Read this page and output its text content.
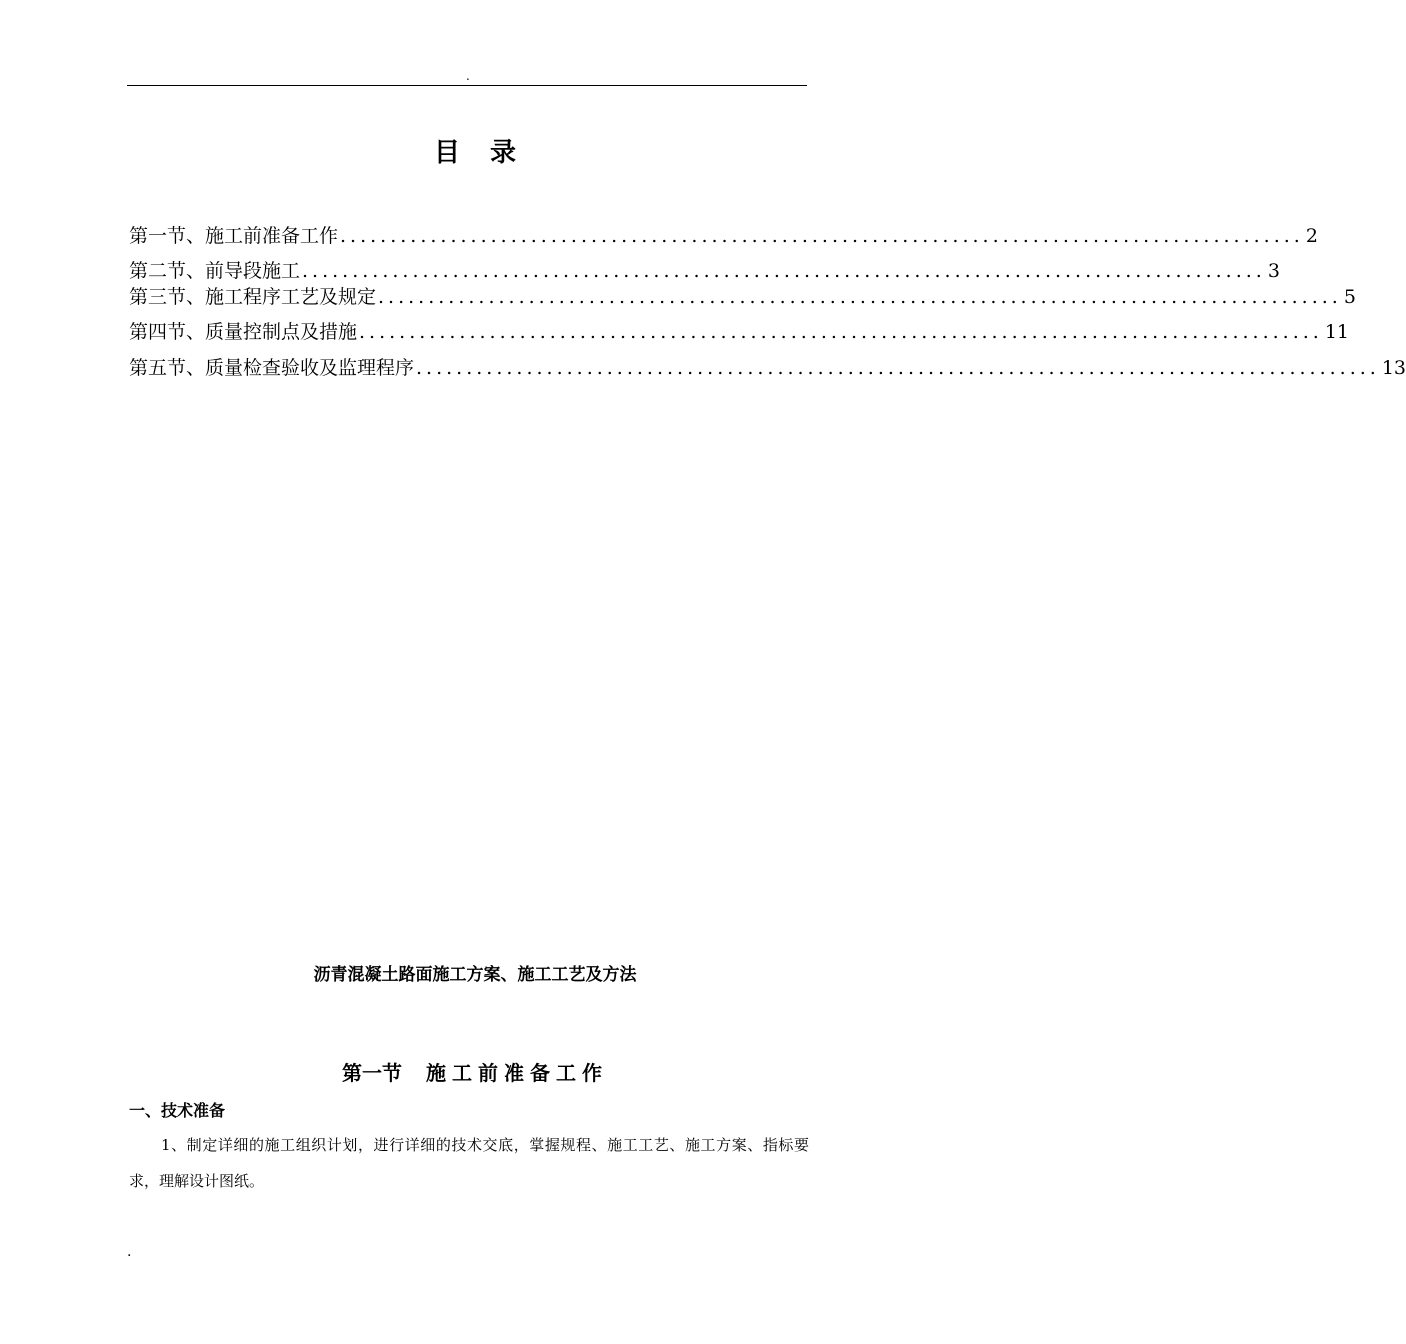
.
目录
第一节、施工前准备工作 ................................................................................................ 2
第二节、前导段施工 ................................................................................................ 3
第三节、施工程序工艺及规定 ................................................................................................ 5
第四节、质量控制点及措施 ................................................................................................ 11
第五节、质量检查验收及监理程序 ................................................................................................ 13
沥青混凝土路面施工方案、施工工艺及方法
第一节 施工前准备工作
一、技术准备
1、制定详细的施工组织计划，进行详细的技术交底，掌握规程、施工工艺、施工方案、指标要求，理解设计图纸。
.
